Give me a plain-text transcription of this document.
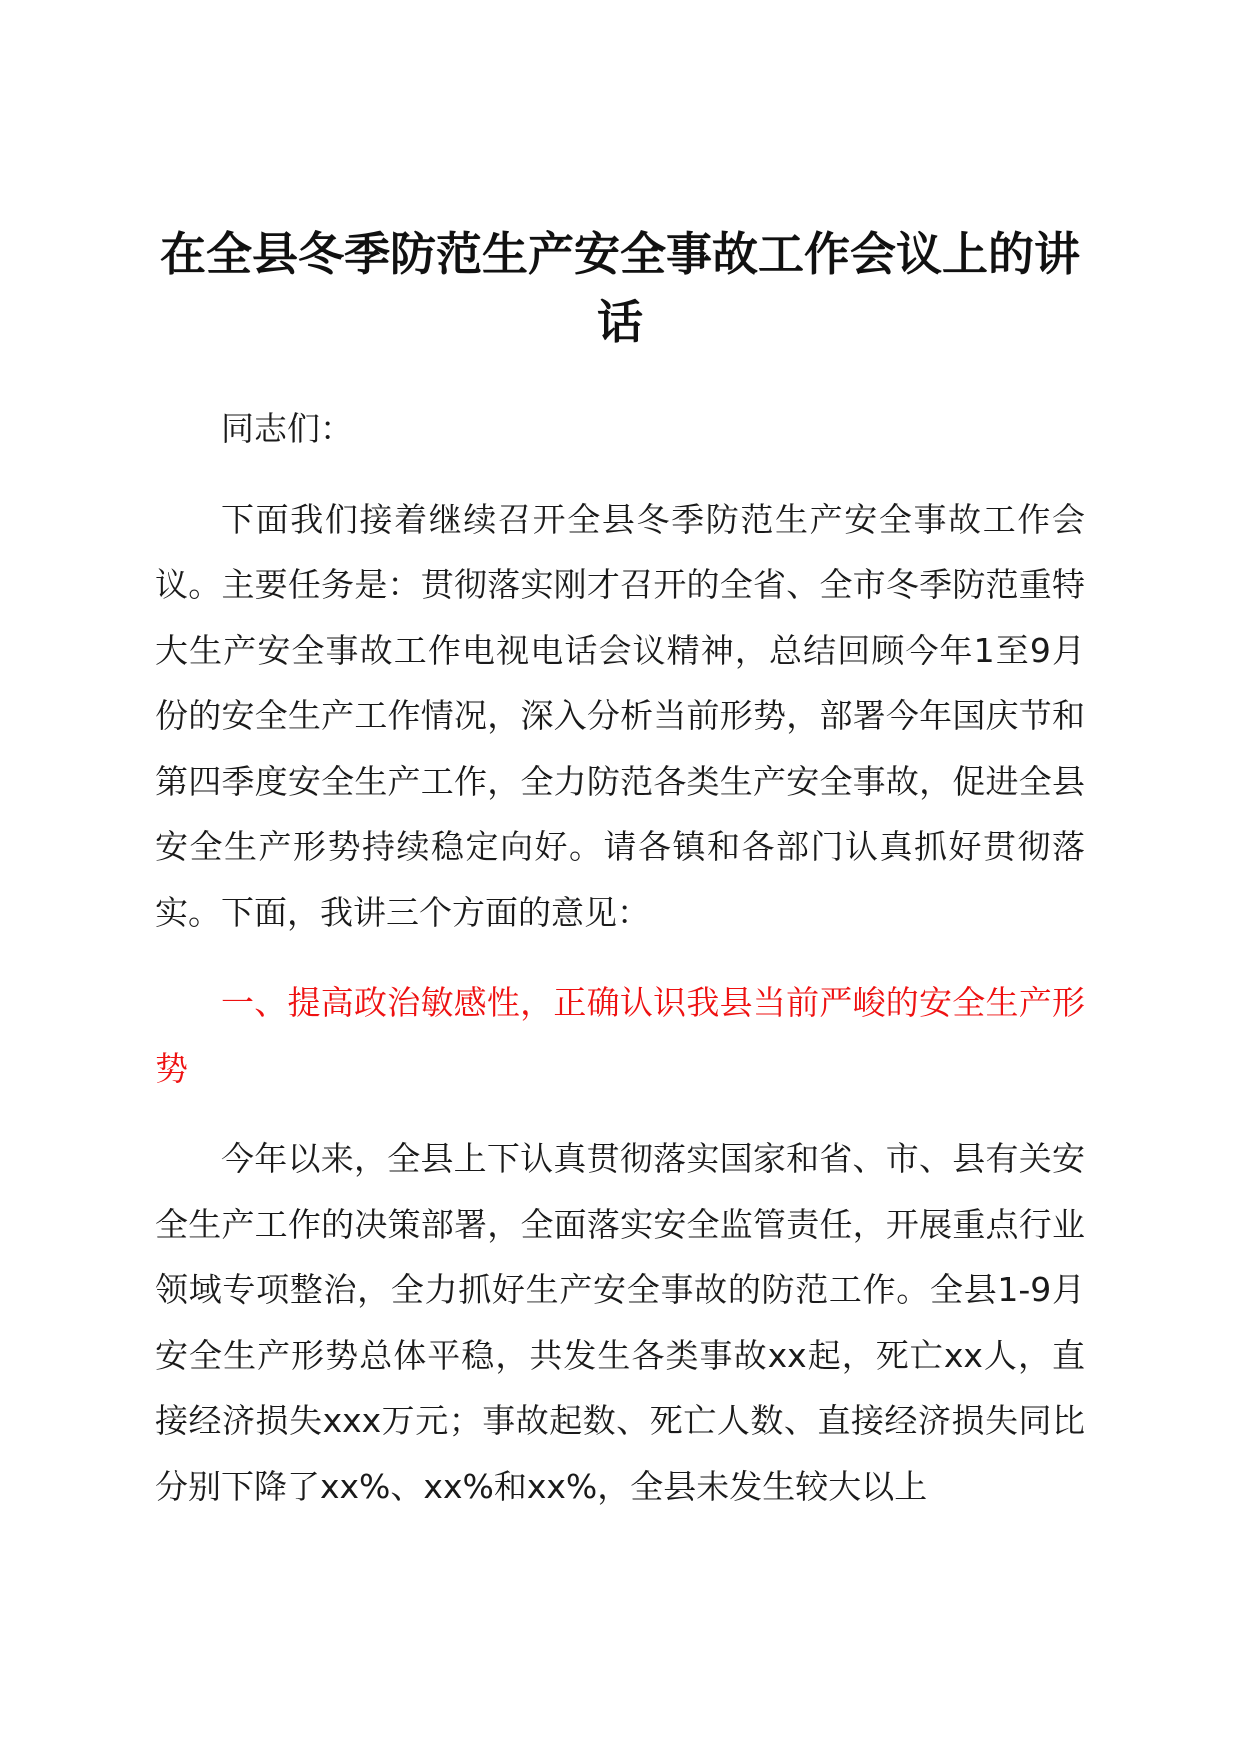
在全县冬季防范生产安全事故工作会议上的讲话

同志们：

下面我们接着继续召开全县冬季防范生产安全事故工作会议。主要任务是：贯彻落实刚才召开的全省、全市冬季防范重特大生产安全事故工作电视电话会议精神，总结回顾今年1至9月份的安全生产工作情况，深入分析当前形势，部署今年国庆节和第四季度安全生产工作，全力防范各类生产安全事故，促进全县安全生产形势持续稳定向好。请各镇和各部门认真抓好贯彻落实。下面，我讲三个方面的意见：

一、提高政治敏感性，正确认识我县当前严峻的安全生产形势

今年以来，全县上下认真贯彻落实国家和省、市、县有关安全生产工作的决策部署，全面落实安全监管责任，开展重点行业领域专项整治，全力抓好生产安全事故的防范工作。全县1-9月安全生产形势总体平稳，共发生各类事故xx起，死亡xx人，直接经济损失xxx万元；事故起数、死亡人数、直接经济损失同比分别下降了xx%、xx%和xx%，全县未发生较大以上
